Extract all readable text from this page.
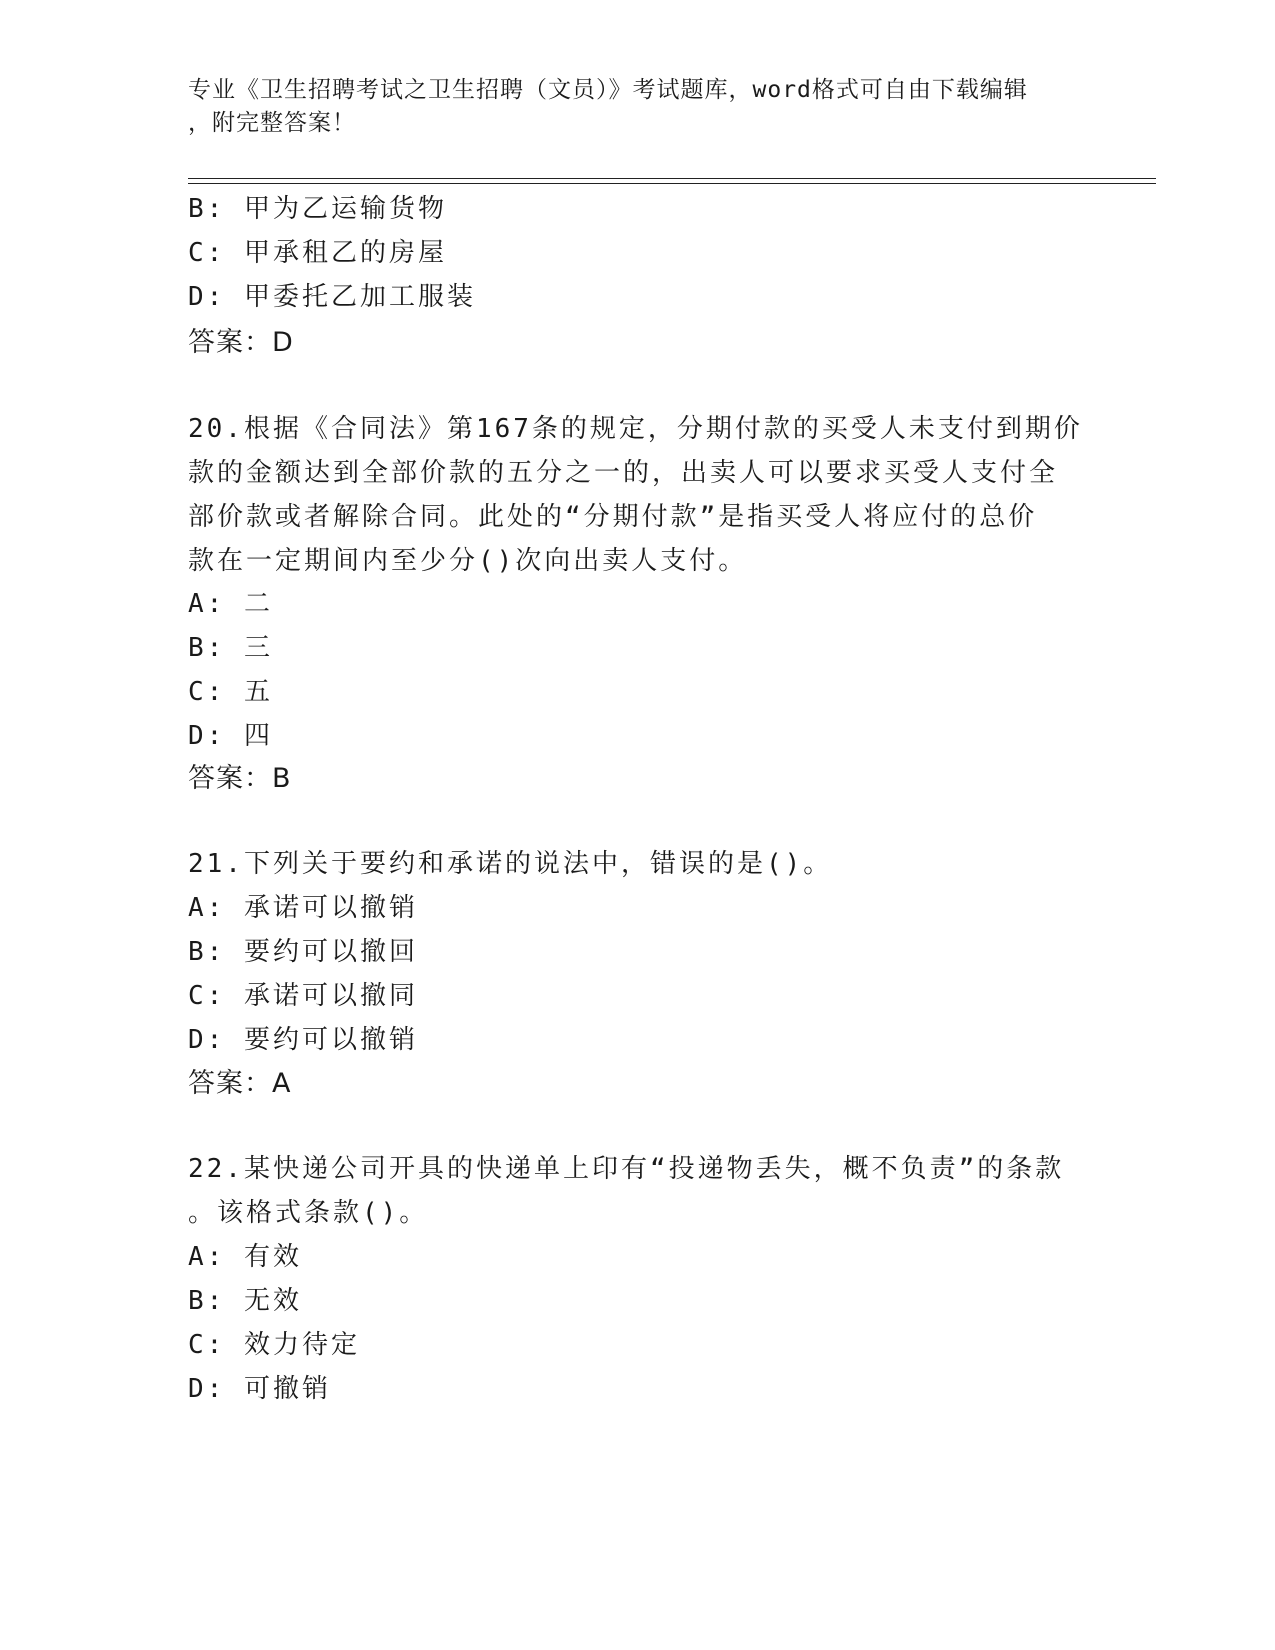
专业《卫生招聘考试之卫生招聘（文员）》考试题库，word格式可自由下载编辑
，附完整答案！
B: 甲为乙运输货物
C: 甲承租乙的房屋
D: 甲委托乙加工服装
答案：D
20.根据《合同法》第167条的规定，分期付款的买受人未支付到期价
款的金额达到全部价款的五分之一的，出卖人可以要求买受人支付全
部价款或者解除合同。此处的“分期付款”是指买受人将应付的总价
款在一定期间内至少分()次向出卖人支付。
A: 二
B: 三
C: 五
D: 四
答案：B
21.下列关于要约和承诺的说法中，错误的是()。
A: 承诺可以撤销
B: 要约可以撤回
C: 承诺可以撤同
D: 要约可以撤销
答案：A
22.某快递公司开具的快递单上印有“投递物丢失，概不负责”的条款
。该格式条款()。
A: 有效
B: 无效
C: 效力待定
D: 可撤销
